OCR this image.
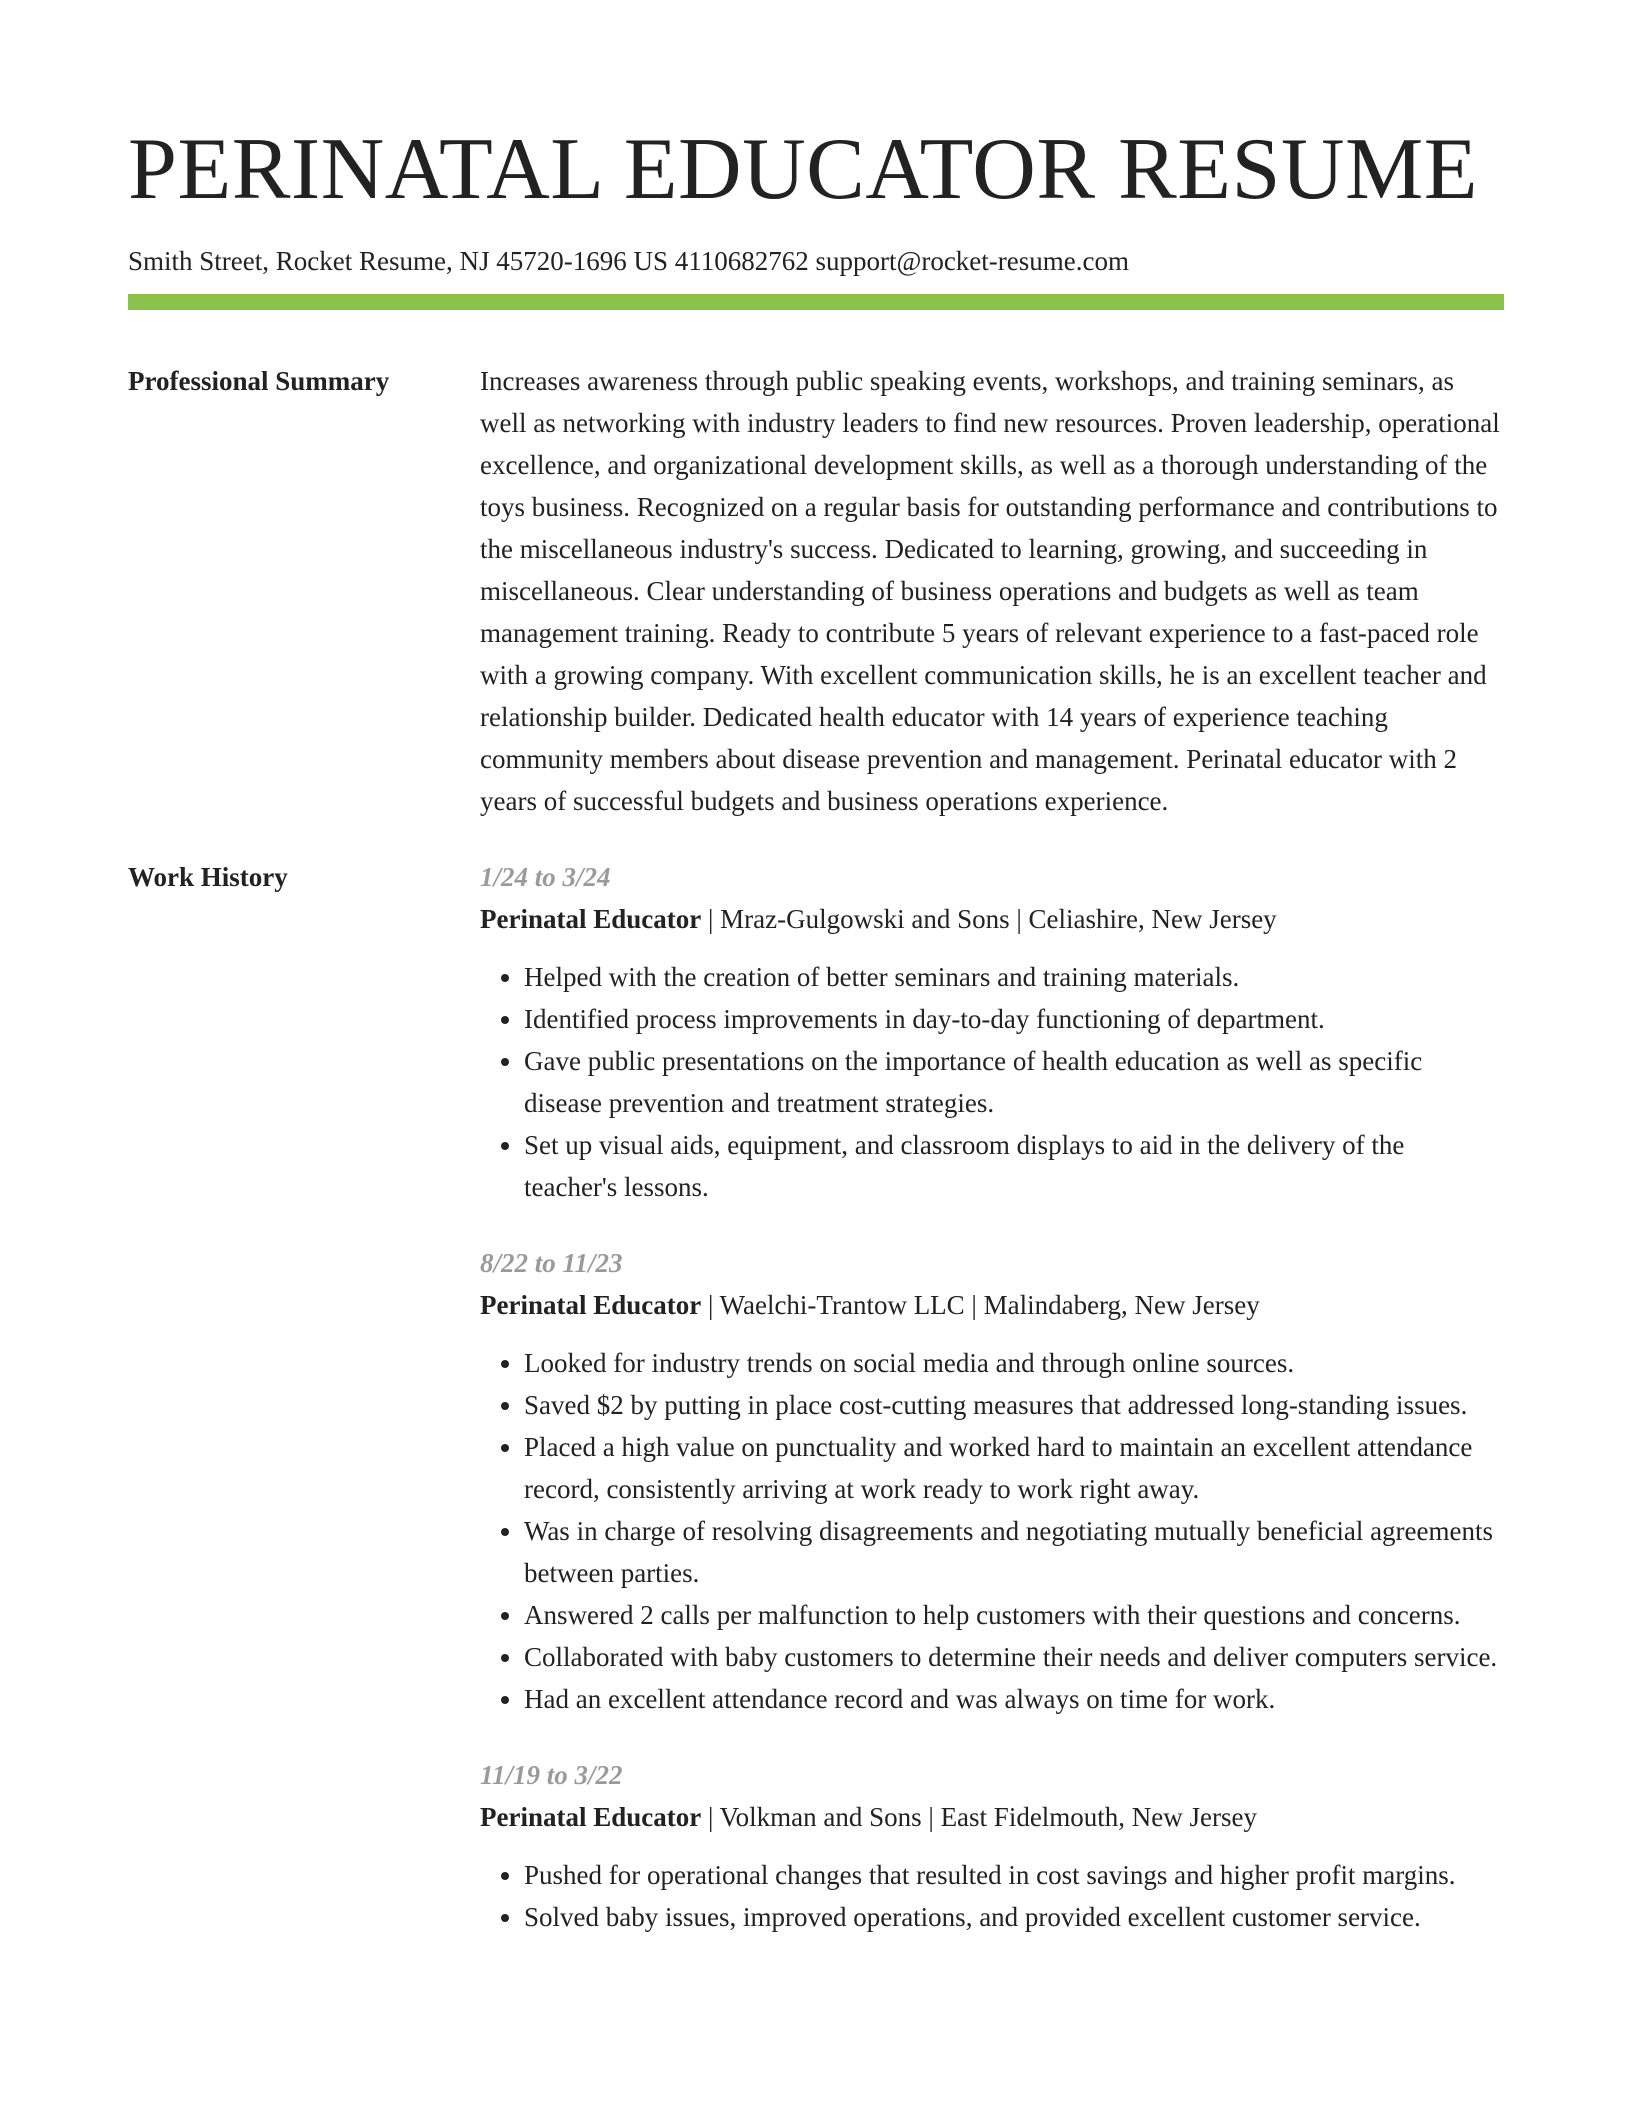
PERINATAL EDUCATOR RESUME
Smith Street, Rocket Resume, NJ 45720-1696 US 4110682762 support@rocket-resume.com
Professional Summary	Increases awareness through public speaking events, workshops, and training seminars, as well as networking with industry leaders to find new resources. Proven leadership, operational excellence, and organizational development skills, as well as a thorough understanding of the toys business. Recognized on a regular basis for outstanding performance and contributions to the miscellaneous industry's success. Dedicated to learning, growing, and succeeding in miscellaneous. Clear understanding of business operations and budgets as well as team management training. Ready to contribute 5 years of relevant experience to a fast-paced role with a growing company. With excellent communication skills, he is an excellent teacher and relationship builder. Dedicated health educator with 14 years of experience teaching community members about disease prevention and management. Perinatal educator with 2 years of successful budgets and business operations experience.

Work History	1/24 to 3/24
Perinatal Educator | Mraz-Gulgowski and Sons | Celiashire, New Jersey
• Helped with the creation of better seminars and training materials.
• Identified process improvements in day-to-day functioning of department.
• Gave public presentations on the importance of health education as well as specific disease prevention and treatment strategies.
• Set up visual aids, equipment, and classroom displays to aid in the delivery of the teacher's lessons.
8/22 to 11/23
Perinatal Educator | Waelchi-Trantow LLC | Malindaberg, New Jersey
• Looked for industry trends on social media and through online sources.
• Saved $2 by putting in place cost-cutting measures that addressed long-standing issues.
• Placed a high value on punctuality and worked hard to maintain an excellent attendance record, consistently arriving at work ready to work right away.
• Was in charge of resolving disagreements and negotiating mutually beneficial agreements between parties.
• Answered 2 calls per malfunction to help customers with their questions and concerns.
• Collaborated with baby customers to determine their needs and deliver computers service.
• Had an excellent attendance record and was always on time for work.
11/19 to 3/22
Perinatal Educator | Volkman and Sons | East Fidelmouth, New Jersey
• Pushed for operational changes that resulted in cost savings and higher profit margins.
• Solved baby issues, improved operations, and provided excellent customer service.
